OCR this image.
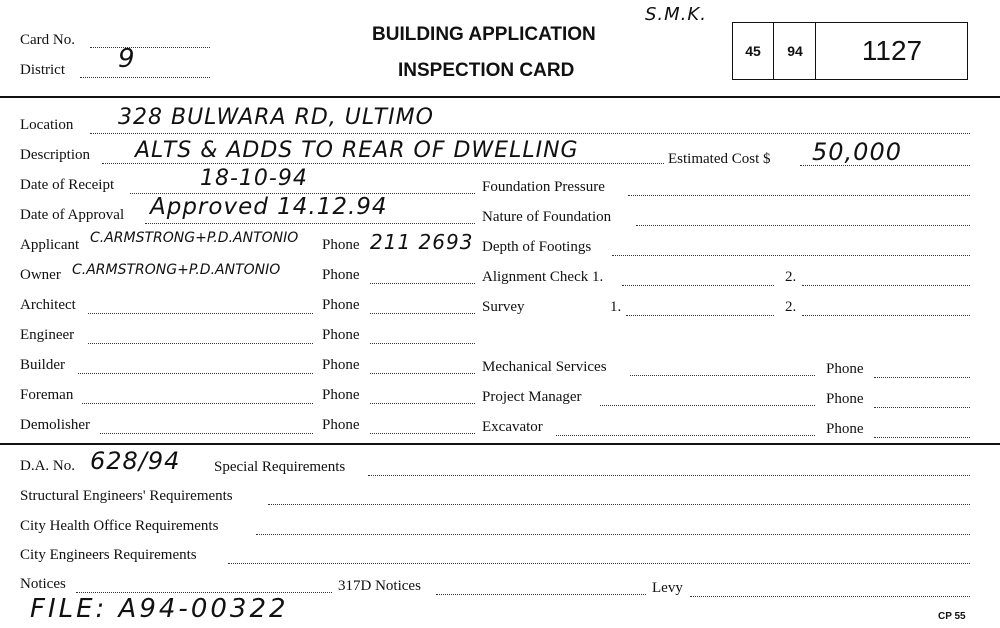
Card No.
District 9
BUILDING APPLICATION
INSPECTION CARD
S.M.K.
45	94	1127
Location 328 BULWARA RD, ULTIMO
Description ALTS & ADDS TO REAR OF DWELLING	Estimated Cost $ 50,000
Date of Receipt	18-10-94
Date of Approval Approved 14.12.94
Applicant C.ARMSTRONG+P.D.ANTONIO Phone 211 2693
Owner C.ARMSTRONG+P.D.ANTONIO	Phone
Architect	Phone
Engineer	Phone
Builder	Phone
Foreman	Phone
Demolisher	Phone
Foundation Pressure
Nature of Foundation
Depth of Footings
Alignment Check 1.	2.
Survey	1.	2.
Mechanical Services	Phone
Project Manager	Phone
Excavator	Phone
D.A. No. 628/94 Special Requirements
Structural Engineers' Requirements
City Health Office Requirements
City Engineers Requirements
Notices	317D Notices	Levy
FILE: A94-00322	CP 55
